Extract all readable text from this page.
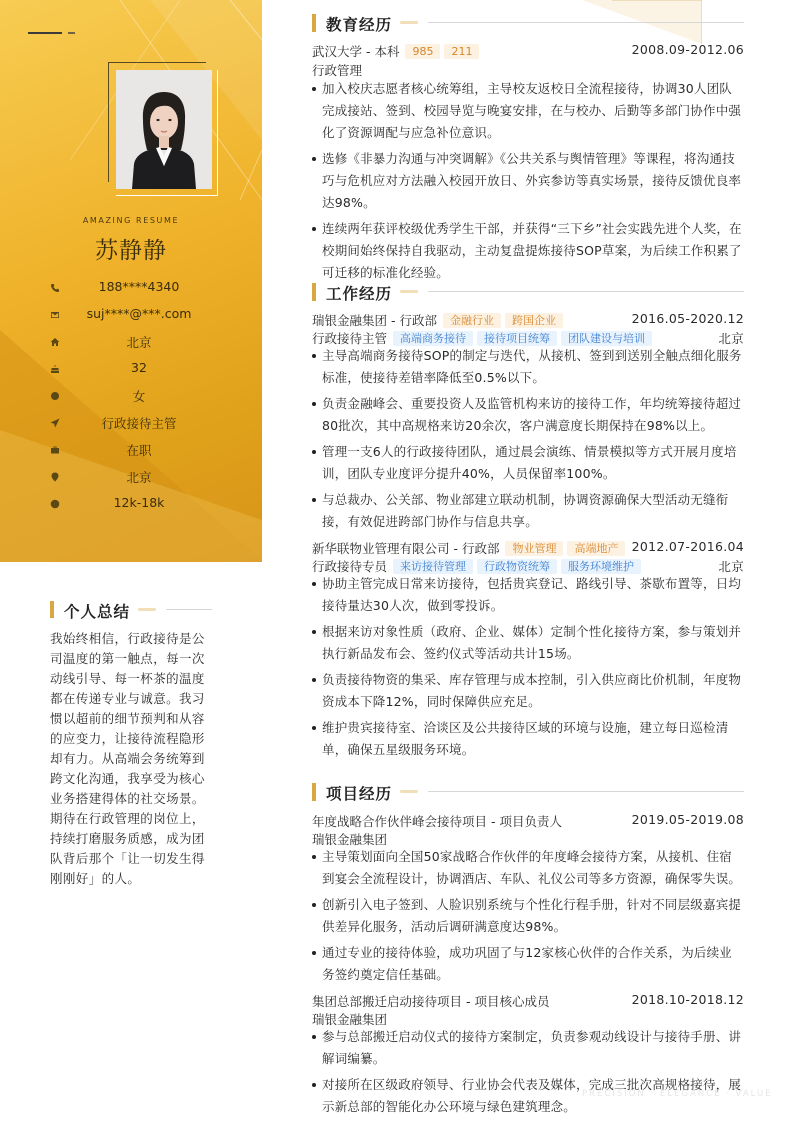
AMAZING RESUME
苏静静
188****4340
suj****@***.com
北京
32
女
行政接待主管
在职
北京
12k-18k
个人总结
我始终相信，行政接待是公司温度的第一触点，每一次动线引导、每一杯茶的温度都在传递专业与诚意。我习惯以超前的细节预判和从容的应变力，让接待流程隐形却有力。从高端会务统筹到跨文化沟通，我享受为核心业务搭建得体的社交场景。期待在行政管理的岗位上，持续打磨服务质感，成为团队背后那个「让一切发生得刚刚好」的人。
教育经历
武汉大学 - 本科	985	211	2008.09-2012.06
行政管理
加入校庆志愿者核心统筹组，主导校友返校日全流程接待，协调30人团队完成接站、签到、校园导览与晚宴安排，在与校办、后勤等多部门协作中强化了资源调配与应急补位意识。
选修《非暴力沟通与冲突调解》《公共关系与舆情管理》等课程，将沟通技巧与危机应对方法融入校园开放日、外宾参访等真实场景，接待反馈优良率达98%。
连续两年获评校级优秀学生干部，并获得“三下乡”社会实践先进个人奖，在校期间始终保持自我驱动，主动复盘提炼接待SOP草案，为后续工作积累了可迁移的标准化经验。
工作经历
瑞银金融集团 - 行政部	金融行业	跨国企业	2016.05-2020.12
行政接待主管	高端商务接待	接待项目统筹	团队建设与培训	北京
主导高端商务接待SOP的制定与迭代，从接机、签到到送别全触点细化服务标准，使接待差错率降低至0.5%以下。
负责金融峰会、重要投资人及监管机构来访的接待工作，年均统筹接待超过80批次，其中高规格来访20余次，客户满意度长期保持在98%以上。
管理一支6人的行政接待团队，通过晨会演练、情景模拟等方式开展月度培训，团队专业度评分提升40%，人员保留率100%。
与总裁办、公关部、物业部建立联动机制，协调资源确保大型活动无缝衔接，有效促进跨部门协作与信息共享。
新华联物业管理有限公司 - 行政部	物业管理	高端地产	2012.07-2016.04
行政接待专员	来访接待管理	行政物资统筹	服务环境维护	北京
协助主管完成日常来访接待，包括贵宾登记、路线引导、茶歇布置等，日均接待量达30人次，做到零投诉。
根据来访对象性质（政府、企业、媒体）定制个性化接待方案，参与策划并执行新品发布会、签约仪式等活动共计15场。
负责接待物资的集采、库存管理与成本控制，引入供应商比价机制，年度物资成本下降12%，同时保障供应充足。
维护贵宾接待室、洽谈区及公共接待区域的环境与设施，建立每日巡检清单，确保五星级服务环境。
项目经历
年度战略合作伙伴峰会接待项目 - 项目负责人	2019.05-2019.08
瑞银金融集团
主导策划面向全国50家战略合作伙伴的年度峰会接待方案，从接机、住宿到宴会全流程设计，协调酒店、车队、礼仪公司等多方资源，确保零失误。
创新引入电子签到、人脸识别系统与个性化行程手册，针对不同层级嘉宾提供差异化服务，活动后调研满意度达98%。
通过专业的接待体验，成功巩固了与12家核心伙伴的合作关系，为后续业务签约奠定信任基础。
集团总部搬迁启动接待项目 - 项目核心成员	2018.10-2018.12
瑞银金融集团
参与总部搬迁启动仪式的接待方案制定，负责参观动线设计与接待手册、讲解词编纂。
对接所在区级政府领导、行业协会代表及媒体，完成三批次高规格接待，展示新总部的智能化办公环境与绿色建筑理念。
PRECISION · ELEGANCE · VALUE
